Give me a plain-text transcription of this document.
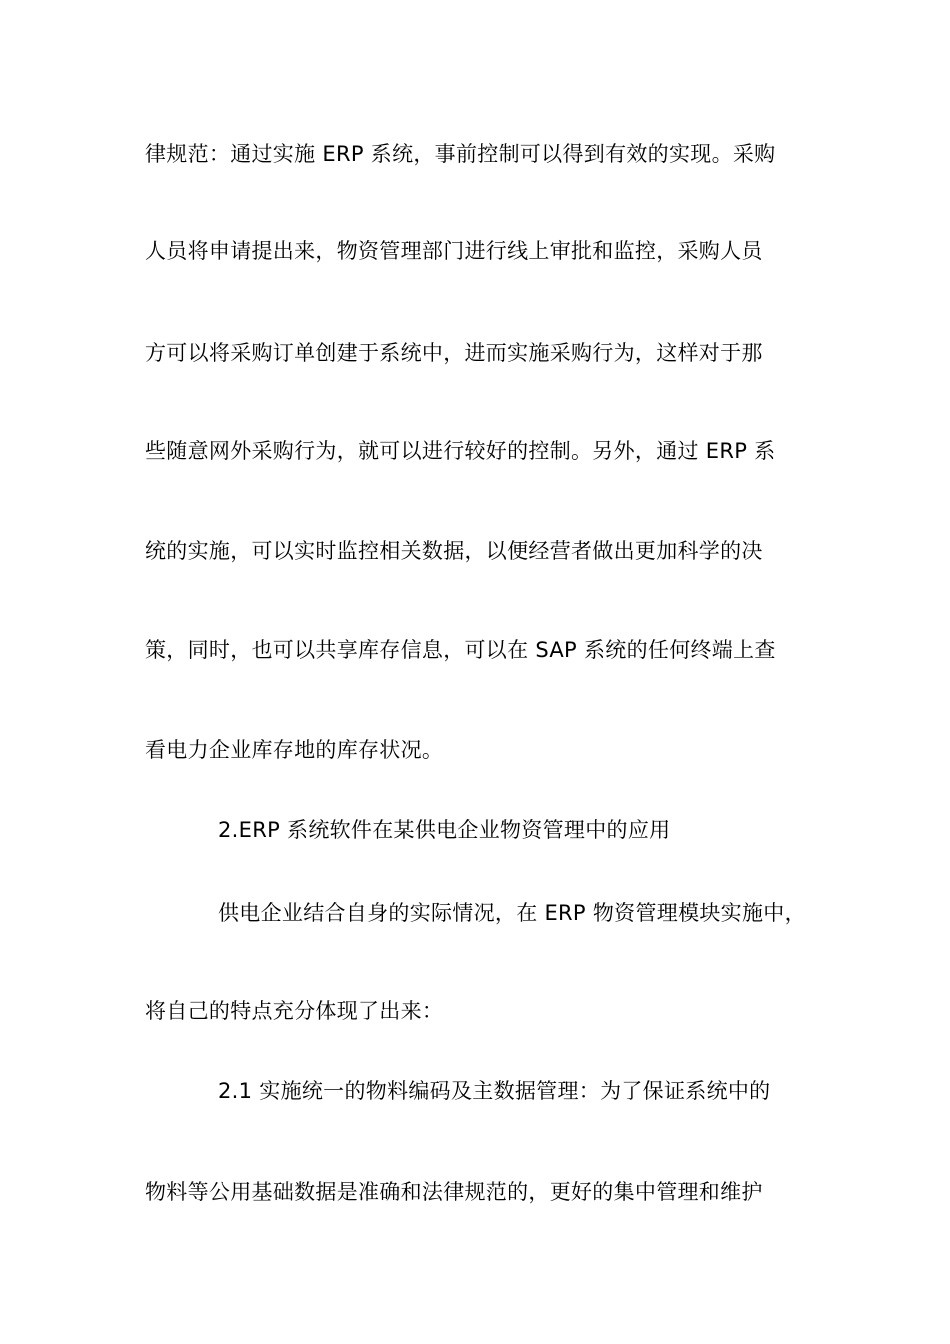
律规范：通过实施 ERP 系统，事前控制可以得到有效的实现。采购
人员将申请提出来，物资管理部门进行线上审批和监控，采购人员
方可以将采购订单创建于系统中，进而实施采购行为，这样对于那
些随意网外采购行为，就可以进行较好的控制。另外，通过 ERP 系
统的实施，可以实时监控相关数据，以便经营者做出更加科学的决
策，同时，也可以共享库存信息，可以在 SAP 系统的任何终端上查
看电力企业库存地的库存状况。
2.ERP 系统软件在某供电企业物资管理中的应用
供电企业结合自身的实际情况，在 ERP 物资管理模块实施中，
将自己的特点充分体现了出来：
2.1 实施统一的物料编码及主数据管理：为了保证系统中的
物料等公用基础数据是准确和法律规范的，更好的集中管理和维护
